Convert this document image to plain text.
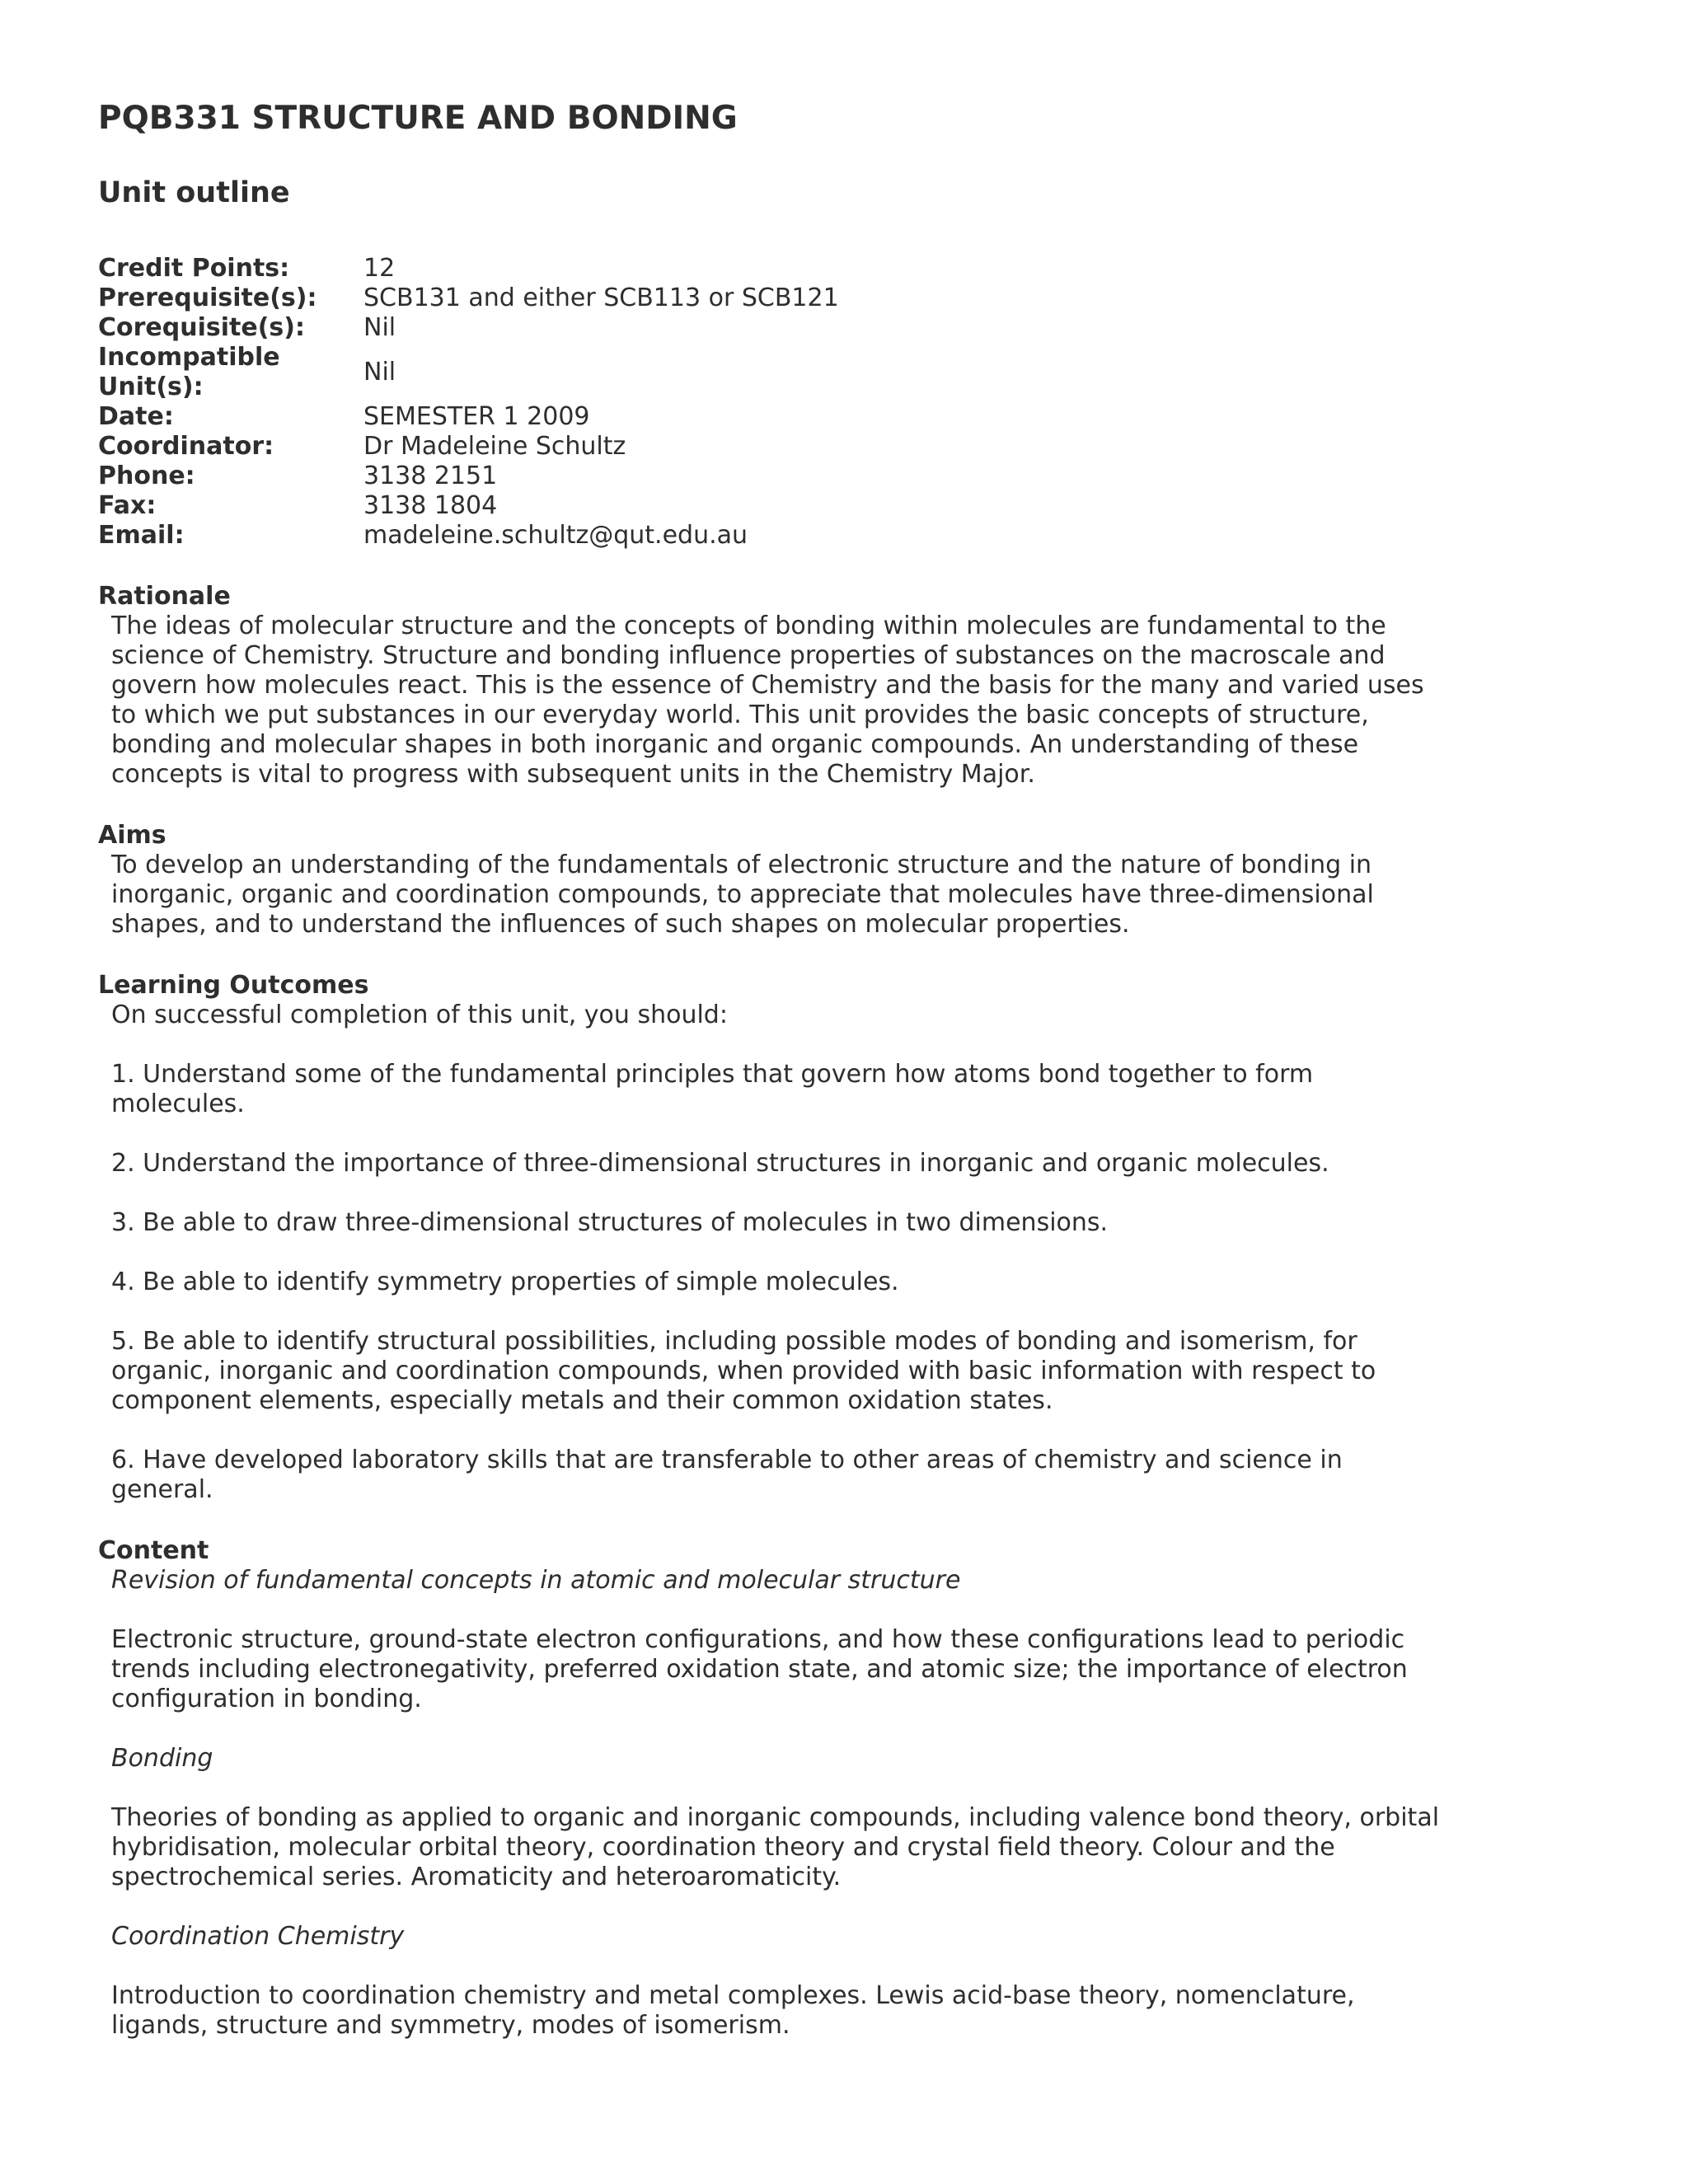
PQB331 STRUCTURE AND BONDING
Unit outline
Credit Points:	12
Prerequisite(s):	SCB131 and either SCB113 or SCB121
Corequisite(s):	Nil
Incompatible Unit(s):	Nil
Date:	SEMESTER 1 2009
Coordinator:	Dr Madeleine Schultz
Phone:	3138 2151
Fax:	3138 1804
Email:	madeleine.schultz@qut.edu.au
Rationale

The ideas of molecular structure and the concepts of bonding within molecules are fundamental to the science of Chemistry. Structure and bonding influence properties of substances on the macroscale and govern how molecules react. This is the essence of Chemistry and the basis for the many and varied uses to which we put substances in our everyday world. This unit provides the basic concepts of structure, bonding and molecular shapes in both inorganic and organic compounds. An understanding of these concepts is vital to progress with subsequent units in the Chemistry Major.

Aims

To develop an understanding of the fundamentals of electronic structure and the nature of bonding in inorganic, organic and coordination compounds, to appreciate that molecules have three-dimensional shapes, and to understand the influences of such shapes on molecular properties.

Learning Outcomes

On successful completion of this unit, you should:

1. Understand some of the fundamental principles that govern how atoms bond together to form molecules.

2. Understand the importance of three-dimensional structures in inorganic and organic molecules.

3. Be able to draw three-dimensional structures of molecules in two dimensions.

4. Be able to identify symmetry properties of simple molecules.

5. Be able to identify structural possibilities, including possible modes of bonding and isomerism, for organic, inorganic and coordination compounds, when provided with basic information with respect to component elements, especially metals and their common oxidation states.

6. Have developed laboratory skills that are transferable to other areas of chemistry and science in general.

Content

Revision of fundamental concepts in atomic and molecular structure

Electronic structure, ground-state electron configurations, and how these configurations lead to periodic trends including electronegativity, preferred oxidation state, and atomic size; the importance of electron configuration in bonding.

Bonding

Theories of bonding as applied to organic and inorganic compounds, including valence bond theory, orbital hybridisation, molecular orbital theory, coordination theory and crystal field theory. Colour and the spectrochemical series. Aromaticity and heteroaromaticity.

Coordination Chemistry

Introduction to coordination chemistry and metal complexes. Lewis acid-base theory, nomenclature, ligands, structure and symmetry, modes of isomerism.
